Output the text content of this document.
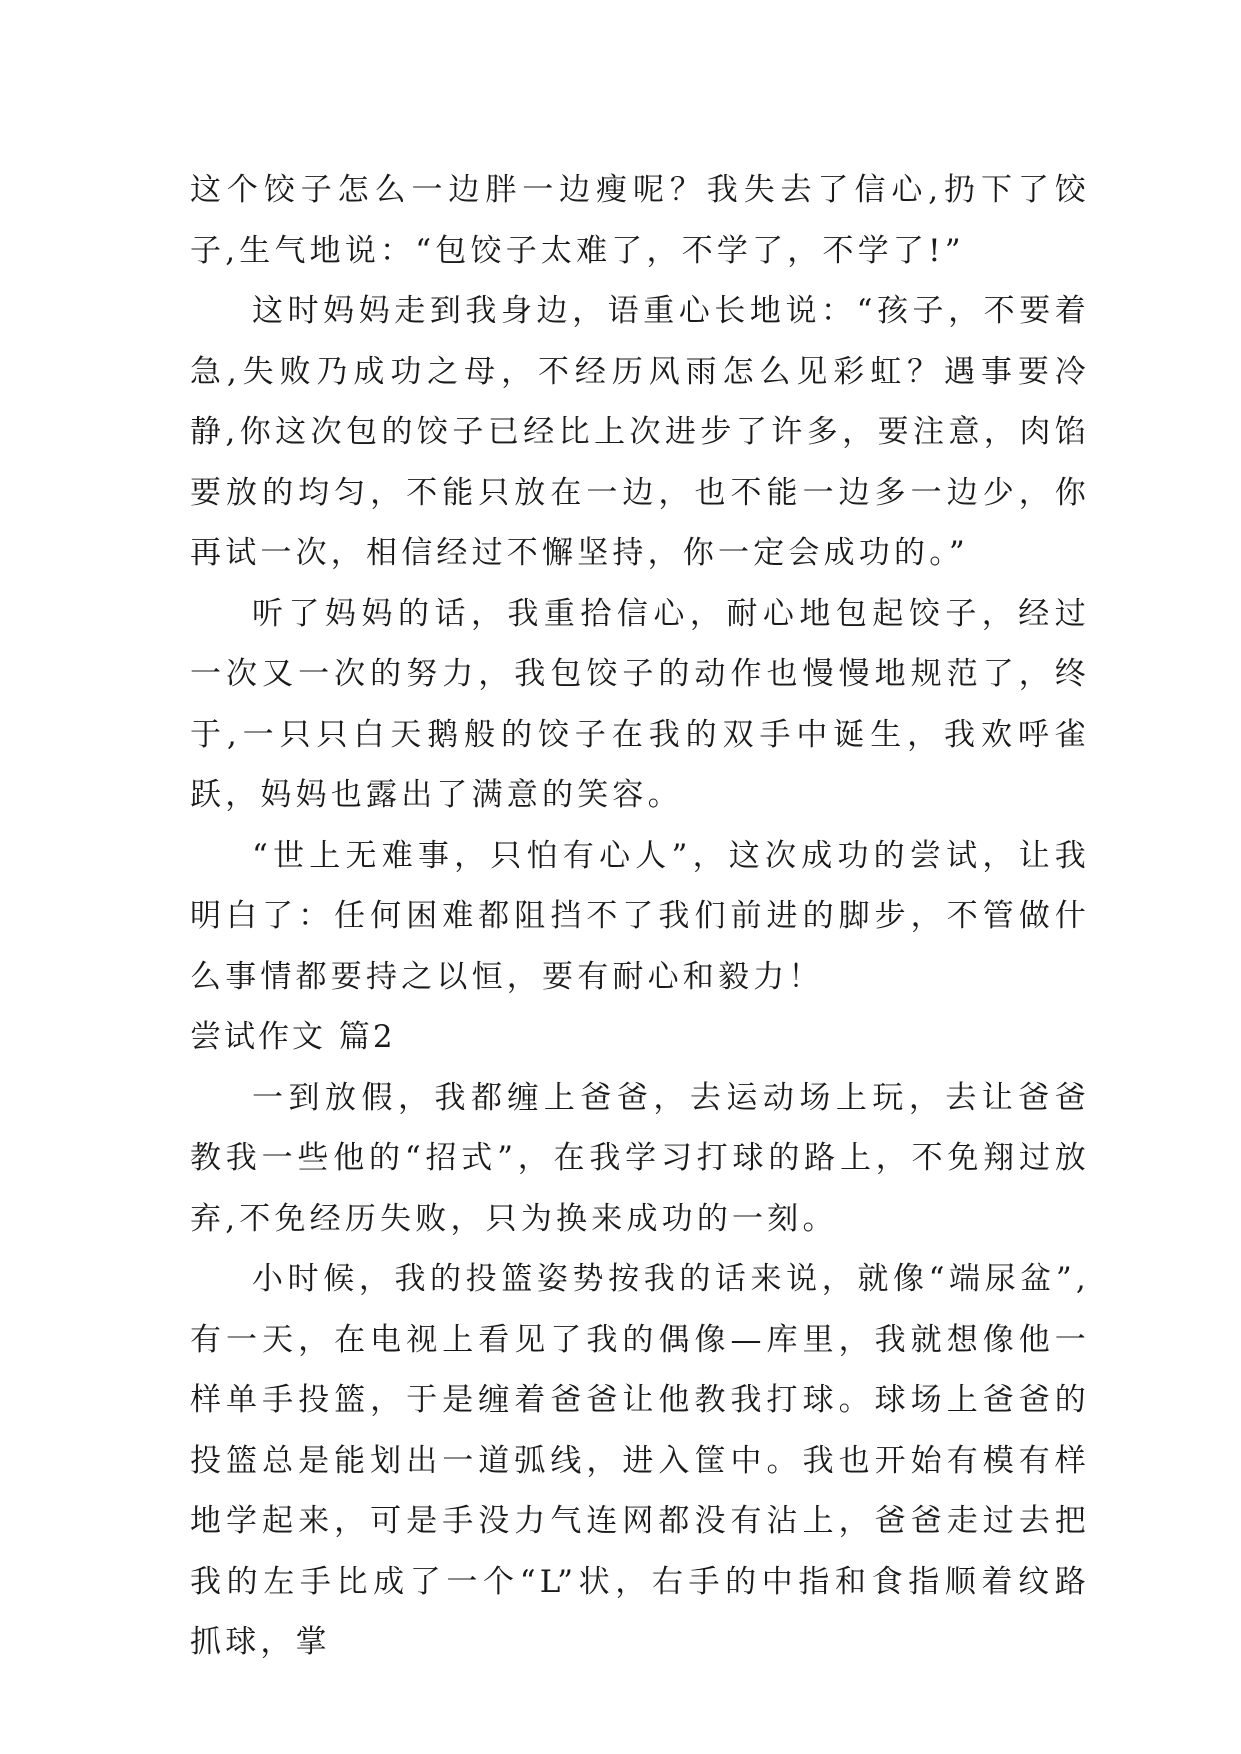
这个饺子怎么一边胖一边瘦呢？我失去了信心,扔下了饺子,生气地说：“包饺子太难了，不学了，不学了!”

这时妈妈走到我身边，语重心长地说：“孩子，不要着急,失败乃成功之母，不经历风雨怎么见彩虹？遇事要冷静,你这次包的饺子已经比上次进步了许多，要注意，肉馅要放的均匀，不能只放在一边，也不能一边多一边少，你再试一次，相信经过不懈坚持，你一定会成功的。”

听了妈妈的话，我重拾信心，耐心地包起饺子，经过一次又一次的努力，我包饺子的动作也慢慢地规范了，终于,一只只白天鹅般的饺子在我的双手中诞生，我欢呼雀跃，妈妈也露出了满意的笑容。

“世上无难事，只怕有心人”，这次成功的尝试，让我明白了：任何困难都阻挡不了我们前进的脚步，不管做什么事情都要持之以恒，要有耐心和毅力！

尝试作文 篇2

一到放假，我都缠上爸爸，去运动场上玩，去让爸爸教我一些他的“招式”，在我学习打球的路上，不免翔过放弃,不免经历失败，只为换来成功的一刻。

小时候，我的投篮姿势按我的话来说，就像“端尿盆”,有一天，在电视上看见了我的偶像—库里，我就想像他一样单手投篮，于是缠着爸爸让他教我打球。球场上爸爸的投篮总是能划出一道弧线，进入筐中。我也开始有模有样地学起来，可是手没力气连网都没有沾上，爸爸走过去把我的左手比成了一个“L”状，右手的中指和食指顺着纹路抓球，掌
